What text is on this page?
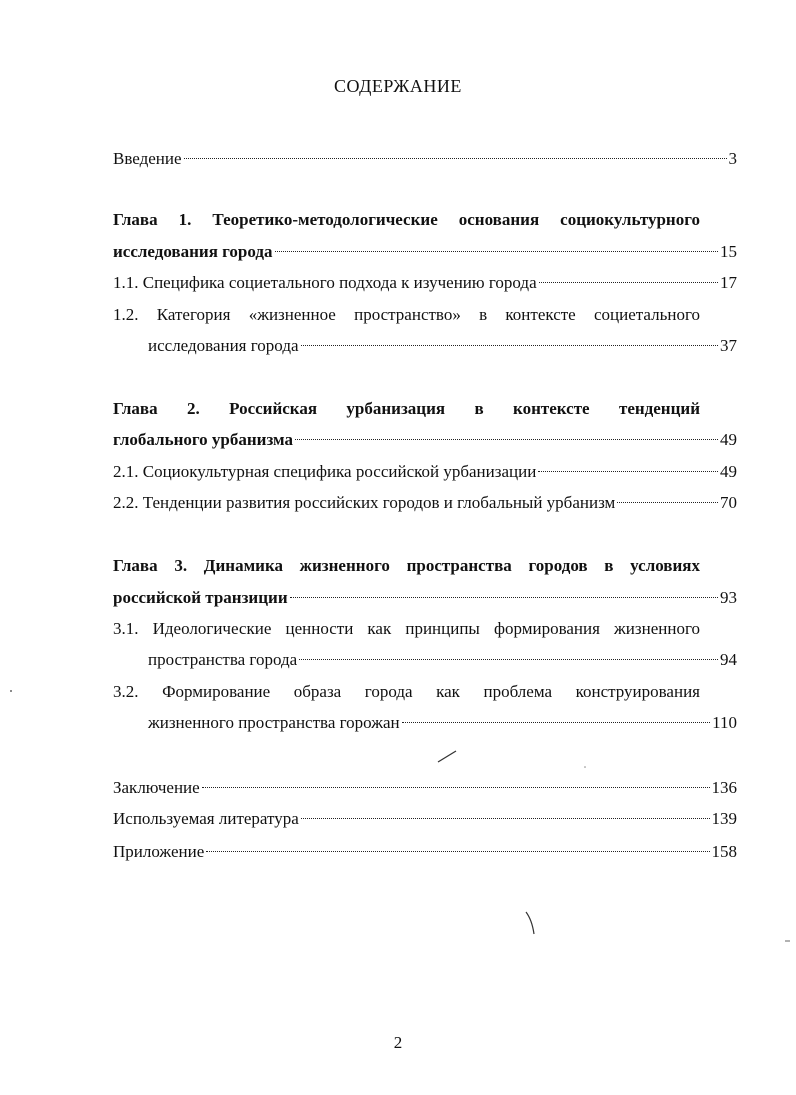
СОДЕРЖАНИЕ
Введение	3
Глава 1. Теоретико-методологические основания социокультурного
исследования города	15
1.1. Специфика социетального подхода к изучению города	17
1.2. Категория «жизненное пространство» в контексте социетального
исследования города	37
Глава 2. Российская урбанизация в контексте тенденций
глобального урбанизма	49
2.1. Социокультурная специфика российской урбанизации	49
2.2. Тенденции развития российских городов и глобальный урбанизм	70
Глава 3. Динамика жизненного пространства городов в условиях
российской транзиции	93
3.1. Идеологические ценности как принципы формирования жизненного
пространства города	94
3.2. Формирование образа города как проблема конструирования
жизненного пространства горожан	110
Заключение	136
Используемая литература	139
Приложение	158
2
